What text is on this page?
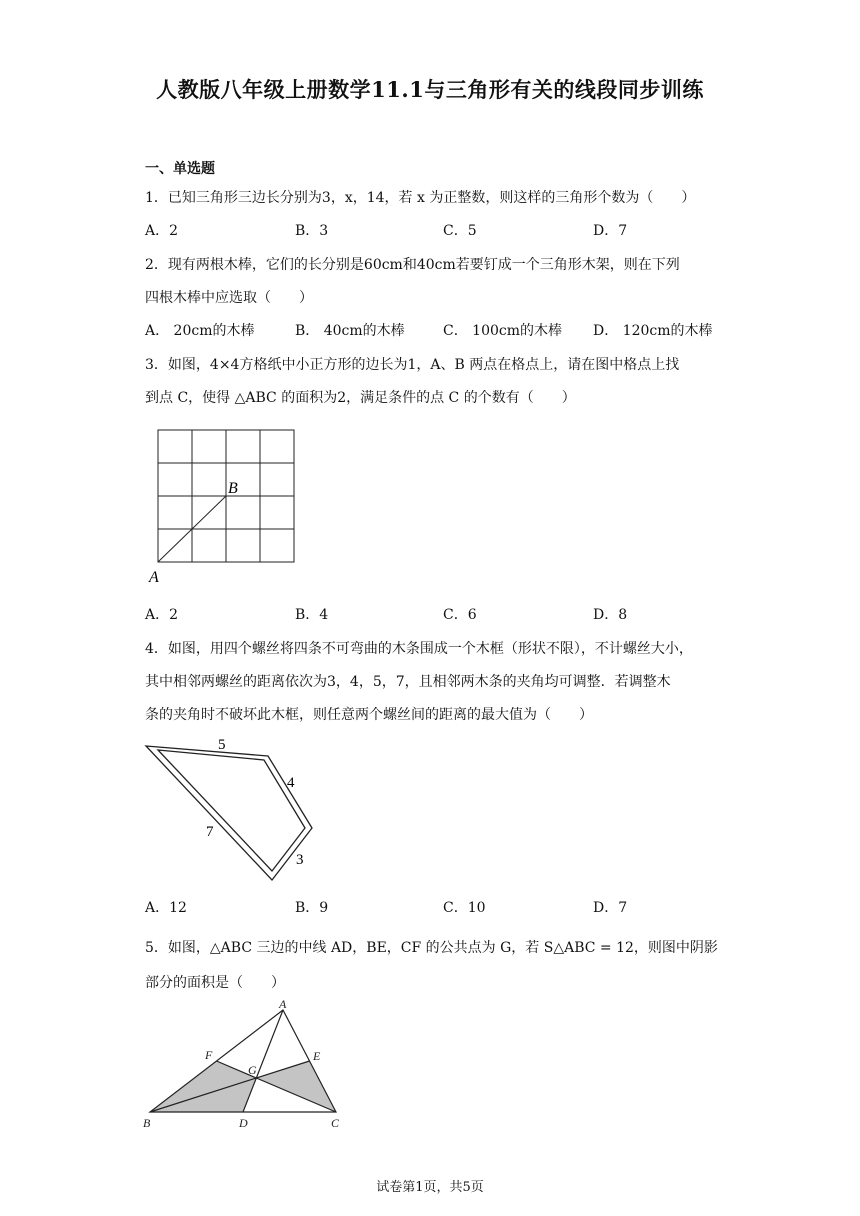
人教版八年级上册数学11.1与三角形有关的线段同步训练
一、单选题
1．已知三角形三边长分别为3，x，14，若 x 为正整数，则这样的三角形个数为（　　）
A．2	B．3	C．5	D．7
2．现有两根木棒，它们的长分别是60cm和40cm若要钉成一个三角形木架，则在下列
四根木棒中应选取（　　）
A． 20cm的木棒	B． 40cm的木棒	C． 100cm的木棒 D． 120cm的木棒
3．如图，4×4方格纸中小正方形的边长为1，A、B 两点在格点上，请在图中格点上找
到点 C，使得 △ABC 的面积为2，满足条件的点 C 的个数有（　　）
B
A
A．2	B．4	C．6	D．8
4．如图，用四个螺丝将四条不可弯曲的木条围成一个木框（形状不限），不计螺丝大小，
其中相邻两螺丝的距离依次为3，4，5，7，且相邻两木条的夹角均可调整．若调整木
条的夹角时不破坏此木框，则任意两个螺丝间的距离的最大值为（　　）
5
4
7
3
A．12	B．9	C．10	D．7
5．如图，△ABC 三边的中线 AD，BE，CF 的公共点为 G，若 S△ABC = 12，则图中阴影
部分的面积是（　　）
A
F
G
E
B	D	C
试卷第1页，共5页
